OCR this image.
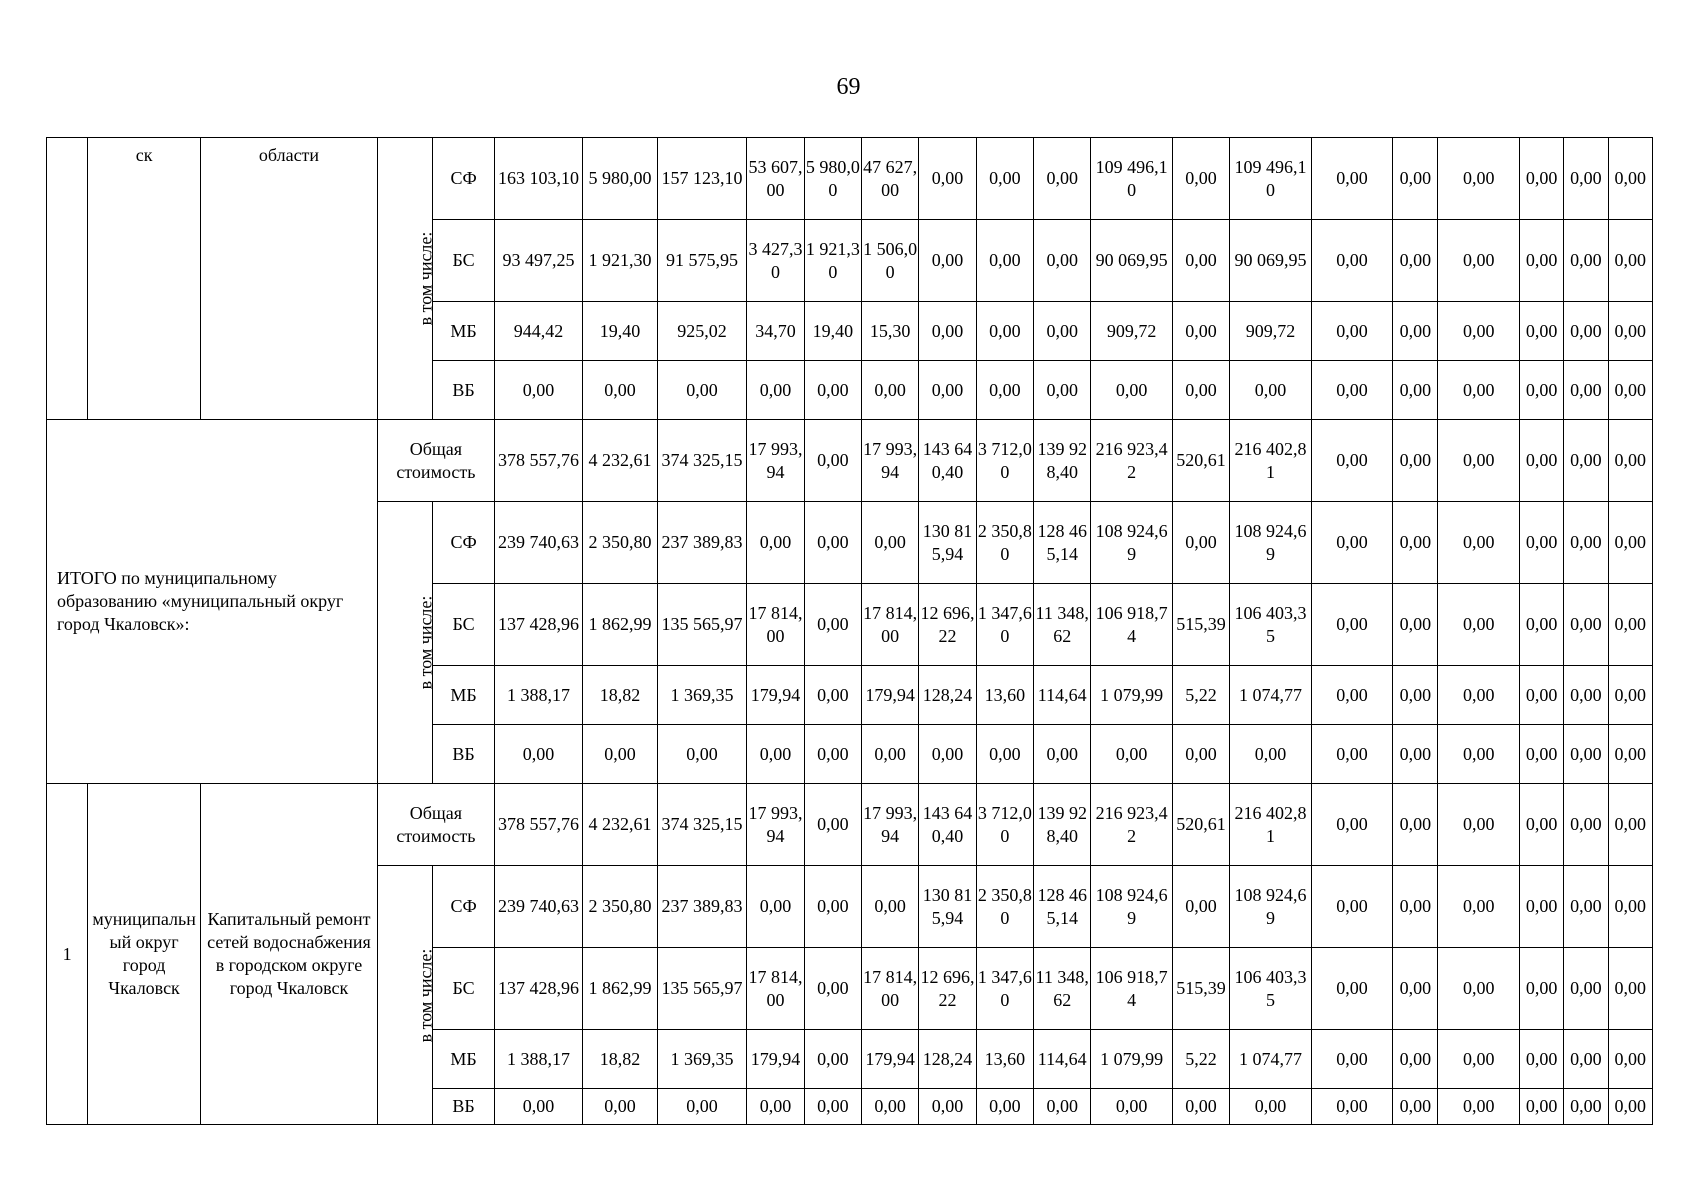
69
	ск	области	в том числе:	СФ	163 103,10	5 980,00	157 123,10	53 607,00	5 980,00	47 627,00	0,00	0,00	0,00	109 496,10	0,00	109 496,10	0,00	0,00	0,00	0,00	0,00	0,00
				БС	93 497,25	1 921,30	91 575,95	3 427,30	1 921,30	1 506,00	0,00	0,00	0,00	90 069,95	0,00	90 069,95	0,00	0,00	0,00	0,00	0,00	0,00
				МБ	944,42	19,40	925,02	34,70	19,40	15,30	0,00	0,00	0,00	909,72	0,00	909,72	0,00	0,00	0,00	0,00	0,00	0,00
				ВБ	0,00	0,00	0,00	0,00	0,00	0,00	0,00	0,00	0,00	0,00	0,00	0,00	0,00	0,00	0,00	0,00	0,00	0,00
ИТОГО по муниципальному образованию «муниципальный округ город Чкаловск»:			Общая стоимость		378 557,76	4 232,61	374 325,15	17 993,94	0,00	17 993,94	143 640,40	3 712,00	139 928,40	216 923,42	520,61	216 402,81	0,00	0,00	0,00	0,00	0,00	0,00
			в том числе:	СФ	239 740,63	2 350,80	237 389,83	0,00	0,00	0,00	130 815,94	2 350,80	128 465,14	108 924,69	0,00	108 924,69	0,00	0,00	0,00	0,00	0,00	0,00
				БС	137 428,96	1 862,99	135 565,97	17 814,00	0,00	17 814,00	12 696,22	1 347,60	11 348,62	106 918,74	515,39	106 403,35	0,00	0,00	0,00	0,00	0,00	0,00
				МБ	1 388,17	18,82	1 369,35	179,94	0,00	179,94	128,24	13,60	114,64	1 079,99	5,22	1 074,77	0,00	0,00	0,00	0,00	0,00	0,00
				ВБ	0,00	0,00	0,00	0,00	0,00	0,00	0,00	0,00	0,00	0,00	0,00	0,00	0,00	0,00	0,00	0,00	0,00	0,00
1	муниципальный округ город Чкаловск	Капитальный ремонт сетей водоснабжения в городском округе город Чкаловск	Общая стоимость		378 557,76	4 232,61	374 325,15	17 993,94	0,00	17 993,94	143 640,40	3 712,00	139 928,40	216 923,42	520,61	216 402,81	0,00	0,00	0,00	0,00	0,00	0,00
			в том числе:	СФ	239 740,63	2 350,80	237 389,83	0,00	0,00	0,00	130 815,94	2 350,80	128 465,14	108 924,69	0,00	108 924,69	0,00	0,00	0,00	0,00	0,00	0,00
				БС	137 428,96	1 862,99	135 565,97	17 814,00	0,00	17 814,00	12 696,22	1 347,60	11 348,62	106 918,74	515,39	106 403,35	0,00	0,00	0,00	0,00	0,00	0,00
				МБ	1 388,17	18,82	1 369,35	179,94	0,00	179,94	128,24	13,60	114,64	1 079,99	5,22	1 074,77	0,00	0,00	0,00	0,00	0,00	0,00
				ВБ	0,00	0,00	0,00	0,00	0,00	0,00	0,00	0,00	0,00	0,00	0,00	0,00	0,00	0,00	0,00	0,00	0,00	0,00
